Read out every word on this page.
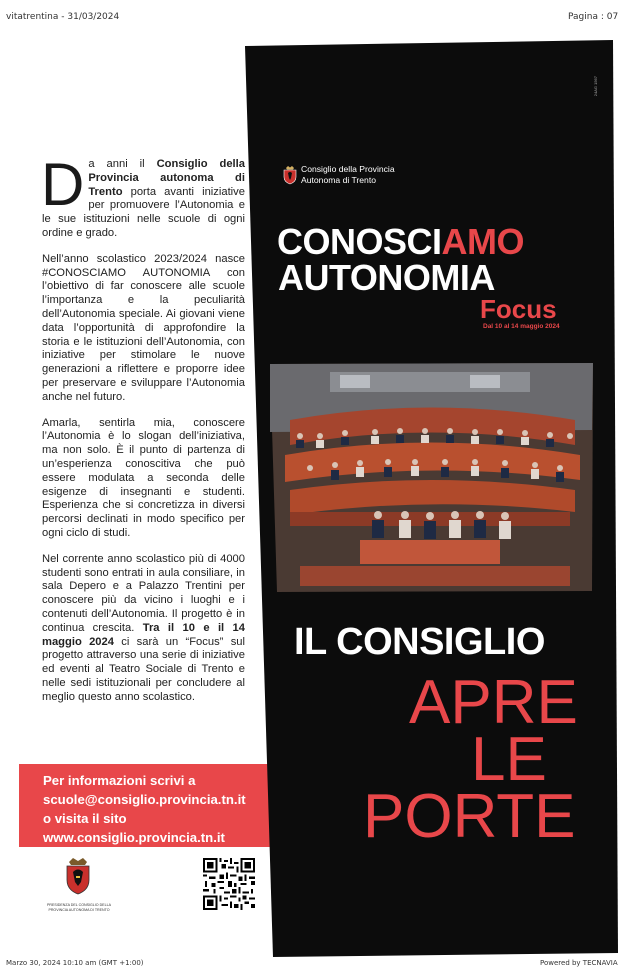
vitatrentina - 31/03/2024	Pagina : 07

Da anni il Consiglio della Provincia autonoma di Trento porta avanti iniziative per promuovere l’Autonomia e le sue istituzioni nelle scuole di ogni ordine e grado.

Nell’anno scolastico 2023/2024 nasce #CONOSCIAMO AUTONOMIA con l’obiettivo di far conoscere alle scuole l’importanza e la peculiarità dell’Autonomia speciale. Ai giovani viene data l’opportunità di approfondire la storia e le istituzioni dell’Autonomia, con iniziative per stimolare le nuove generazioni a riflettere e proporre idee per preservare e sviluppare l’Autonomia anche nel futuro.

Amarla, sentirla mia, conoscere l’Autonomia è lo slogan dell’iniziativa, ma non solo. È il punto di partenza di un’esperienza conoscitiva che può essere modulata a seconda delle esigenze di insegnanti e studenti. Esperienza che si concretizza in diversi percorsi declinati in modo specifico per ogni ciclo di studi.

Nel corrente anno scolastico più di 4000 studenti sono entrati in aula consiliare, in sala Depero e a Palazzo Trentini per conoscere più da vicino i luoghi e i contenuti dell’Autonomia. Il progetto è in continua crescita. Tra il 10 e il 14 maggio 2024 ci sarà un “Focus” sul progetto attraverso una serie di iniziative ed eventi al Teatro Sociale di Trento e nelle sedi istituzionali per concludere al meglio questo anno scolastico.

Per informazioni scrivi a
scuole@consiglio.provincia.tn.it
o visita il sito
www.consiglio.provincia.tn.it
PRESIDENZA DEL CONSIGLIO DELLA PROVINCIA AUTONOMA DI TRENTO
Consiglio della Provincia
Autonoma di Trento
24AG 1567
CONOSCIAMO
AUTONOMIA
Focus
Dal 10 al 14 maggio 2024
IL CONSIGLIO
APRE
LE
PORTE
Marzo 30, 2024 10:10 am (GMT +1:00)	Powered by TECNAVIA
